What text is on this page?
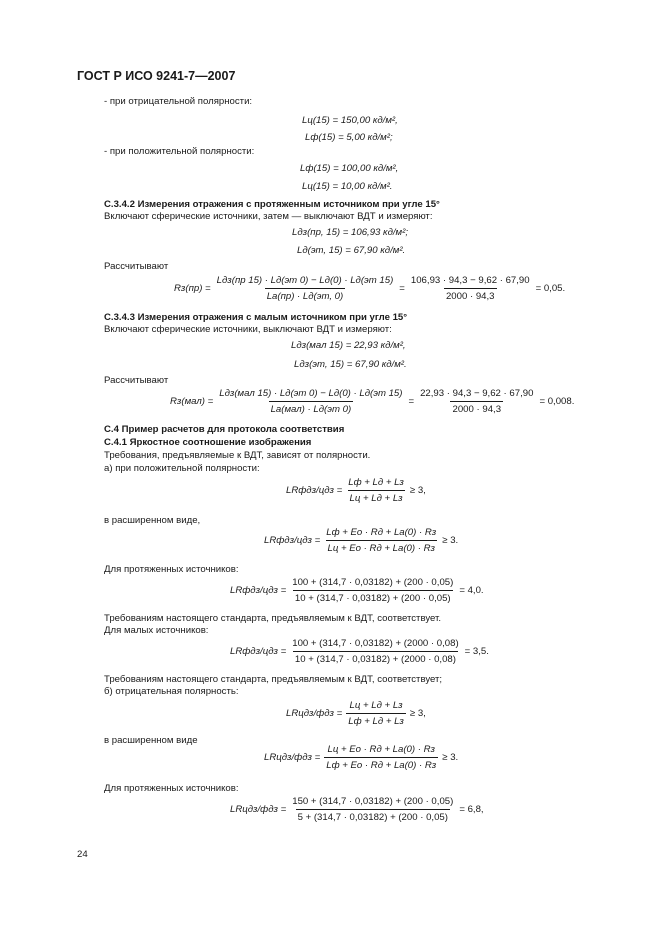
ГОСТ Р ИСО 9241-7—2007
- при отрицательной полярности:
Lц(15) = 150,00 кд/м²,
Lф(15) = 5,00 кд/м²;
- при положительной полярности:
Lф(15) = 100,00 кд/м²,
Lц(15) = 10,00 кд/м².
С.3.4.2 Измерения отражения с протяженным источником при угле 15°
Включают сферические источники, затем — выключают ВДТ и измеряют:
Lдз(пр, 15) = 106,93 кд/м²;
Lд(эт, 15) = 67,90 кд/м².
Рассчитывают
$Rз(пр) = \frac{\text{Lдз(пр 15) · Lд(эт 0) − Lд(0) · Lд(эт 15)}}{Lа(пр) \cdot Lд(эт, 0)} = \frac{106,93 \cdot 94,3 - 9,62 \cdot 67,90}{2000 \cdot 94,3} = 0,05$.
С.3.4.3 Измерения отражения с малым источником при угле 15°
Включают сферические источники, выключают ВДТ и измеряют:
Lдз(мал 15) = 22,93 кд/м²,
Lдз(эт, 15) = 67,90 кд/м².
Рассчитывают
$Rз(мал) = \frac{\text{Lдз(мал 15) · Lд(эт 0) − Lд(0) · Lд(эт 15)}}{\text{Lа(мал) · Lд(эт 0)}} = \frac{22,93 \cdot 94,3 - 9,62 \cdot 67,90}{2000 \cdot 94,3} = 0,008$.
С.4 Пример расчетов для протокола соответствия
С.4.1 Яркостное соотношение изображения
Требования, предъявляемые к ВДТ, зависят от полярности.
а) при положительной полярности:
LRфдз/цдз = $\frac{Lф + Lд + Lз}{Lц + Lд + Lз} \ge 3$,
в расширенном виде,
LRфдз/цдз = $\frac{Lф + Eo \cdot Rд + Lа(0) \cdot Rз}{Lц + Eo \cdot Rд + Lа(0) \cdot Rз} \ge 3$.
Для протяженных источников:
LRфдз/цдз = $\frac{100 + (314,7 \cdot 0,03182) + (200 \cdot 0,05)}{10 + (314,7 \cdot 0,03182) + (200 \cdot 0,05)} = 4,0$.
Требованиям настоящего стандарта, предъявляемым к ВДТ, соответствует.
Для малых источников:
LRфдз/цдз = $\frac{100 + (314,7 \cdot 0,03182) + (2000 \cdot 0,08)}{10 + (314,7 \cdot 0,03182) + (2000 \cdot 0,08)} = 3,5$.
Требованиям настоящего стандарта, предъявляемым к ВДТ, соответствует;
б) отрицательная полярность:
LRцдз/фдз = $\frac{Lц + Lд + Lз}{Lф + Lд + Lз} \ge 3$,
в расширенном виде
LRцдз/фдз = $\frac{Lц + Eo \cdot Rд + Lа(0) \cdot Rз}{Lф + Eo \cdot Rд + Lа(0) \cdot Rз} \ge 3$.
Для протяженных источников:
LRцдз/фдз = $\frac{150 + (314,7 \cdot 0,03182) + (200 \cdot 0,05)}{5 + (314,7 \cdot 0,03182) + (200 \cdot 0,05)} = 6,8$,
24
